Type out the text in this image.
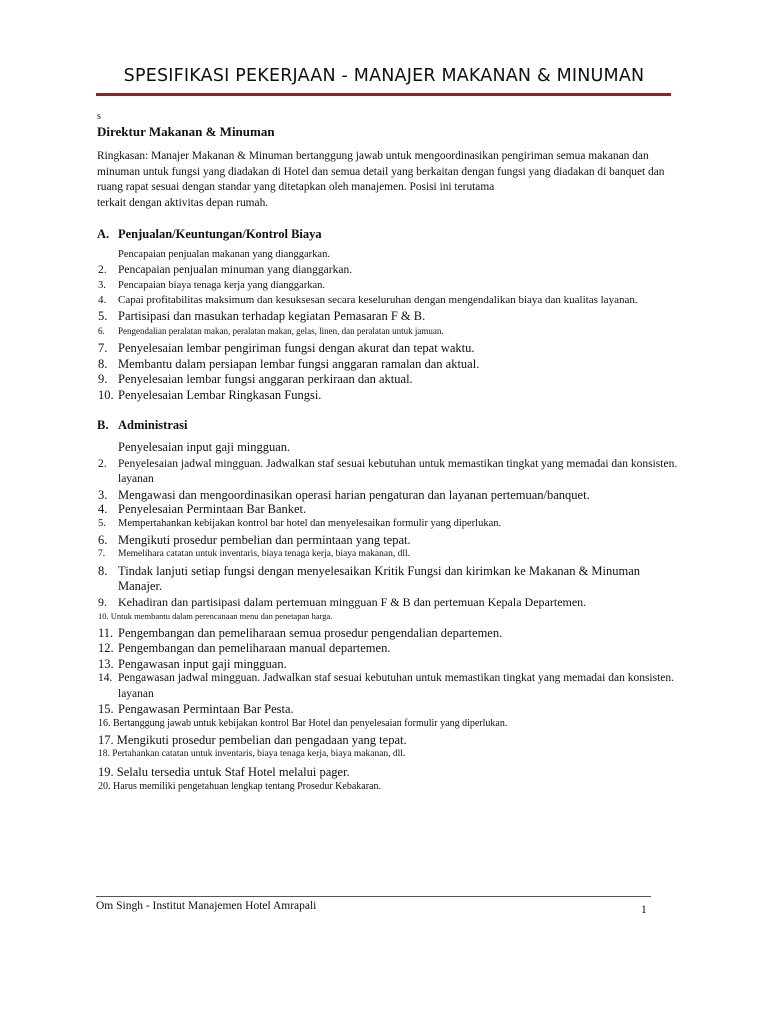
SPESIFIKASI PEKERJAAN - MANAJER MAKANAN & MINUMAN
s
Direktur Makanan & Minuman
Ringkasan: Manajer Makanan & Minuman bertanggung jawab untuk mengoordinasikan pengiriman semua makanan dan
minuman untuk fungsi yang diadakan di Hotel dan semua detail yang berkaitan dengan fungsi yang diadakan di banquet dan
ruang rapat sesuai dengan standar yang ditetapkan oleh manajemen. Posisi ini terutama
terkait dengan aktivitas depan rumah.
A. Penjualan/Keuntungan/Kontrol Biaya
Pencapaian penjualan makanan yang dianggarkan.
2. Pencapaian penjualan minuman yang dianggarkan.
3. Pencapaian biaya tenaga kerja yang dianggarkan.
4. Capai profitabilitas maksimum dan kesuksesan secara keseluruhan dengan mengendalikan biaya dan kualitas layanan.
5. Partisipasi dan masukan terhadap kegiatan Pemasaran F & B.
6. Pengendalian peralatan makan, peralatan makan, gelas, linen, dan peralatan untuk jamuan.
7. Penyelesaian lembar pengiriman fungsi dengan akurat dan tepat waktu.
8. Membantu dalam persiapan lembar fungsi anggaran ramalan dan aktual.
9. Penyelesaian lembar fungsi anggaran perkiraan dan aktual.
10. Penyelesaian Lembar Ringkasan Fungsi.
B. Administrasi
Penyelesaian input gaji mingguan.
2. Penyelesaian jadwal mingguan. Jadwalkan staf sesuai kebutuhan untuk memastikan tingkat yang memadai dan konsisten.
layanan
3. Mengawasi dan mengoordinasikan operasi harian pengaturan dan layanan pertemuan/banquet.
4. Penyelesaian Permintaan Bar Banket.
5. Mempertahankan kebijakan kontrol bar hotel dan menyelesaikan formulir yang diperlukan.
6. Mengikuti prosedur pembelian dan permintaan yang tepat.
7. Memelihara catatan untuk inventaris, biaya tenaga kerja, biaya makanan, dll.
8. Tindak lanjuti setiap fungsi dengan menyelesaikan Kritik Fungsi dan kirimkan ke Makanan & Minuman
Manajer.
9. Kehadiran dan partisipasi dalam pertemuan mingguan F & B dan pertemuan Kepala Departemen.
10. Untuk membantu dalam perencanaan menu dan penetapan harga.
11. Pengembangan dan pemeliharaan semua prosedur pengendalian departemen.
12. Pengembangan dan pemeliharaan manual departemen.
13. Pengawasan input gaji mingguan.
14. Pengawasan jadwal mingguan. Jadwalkan staf sesuai kebutuhan untuk memastikan tingkat yang memadai dan konsisten.
layanan
15. Pengawasan Permintaan Bar Pesta.
16. Bertanggung jawab untuk kebijakan kontrol Bar Hotel dan penyelesaian formulir yang diperlukan.
17. Mengikuti prosedur pembelian dan pengadaan yang tepat.
18. Pertahankan catatan untuk inventaris, biaya tenaga kerja, biaya makanan, dll.
19. Selalu tersedia untuk Staf Hotel melalui pager.
20. Harus memiliki pengetahuan lengkap tentang Prosedur Kebakaran.
Om Singh - Institut Manajemen Hotel Amrapali	1
